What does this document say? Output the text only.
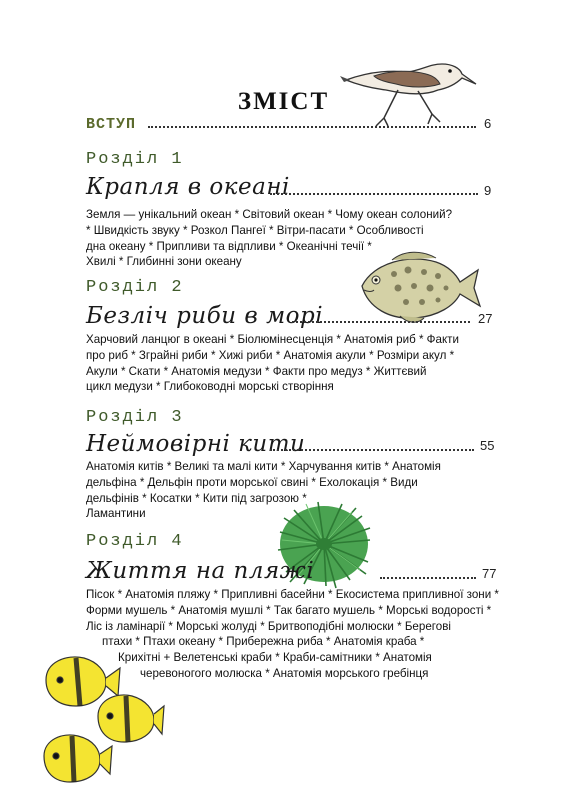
ЗМІСТ
ВСТУП	6
Розділ 1
Крапля в океані	9
Земля — унікальний океан * Світовий океан * Чому океан солоний?
* Швидкість звуку * Розкол Пангеї * Вітри-пасати * Особливості
дна океану * Припливи та відпливи * Океанічні течії *
Хвилі * Глибинні зони океану
Розділ 2
Безліч риби в морі	27
Харчовий ланцюг в океані * Біолюмінесценція * Анатомія риб * Факти
про риб * Зграйні риби * Хижі риби * Анатомія акули * Розміри акул *
Акули * Скати * Анатомія медузи * Факти про медуз * Життєвий
цикл медузи * Глибоководні морські створіння
Розділ 3
Неймовірні кити	55
Анатомія китів * Великі та малі кити * Харчування китів * Анатомія
дельфіна * Дельфін проти морської свині * Ехолокація * Види
дельфінів * Косатки * Кити під загрозою *
Ламантини
Розділ 4
Життя на пляжі	77
Пісок * Анатомія пляжу * Припливні басейни * Екосистема припливної зони *
Форми мушель * Анатомія мушлі * Так багато мушель * Морські водорості *
Ліс із ламінарії * Морські жолуді * Бритвоподібні молюски * Берегові
птахи * Птахи океану * Прибережна риба * Анатомія краба *
Крихітні + Велетенські краби * Краби-самітники * Анатомія
черевоногого молюска * Анатомія морського гребінця
